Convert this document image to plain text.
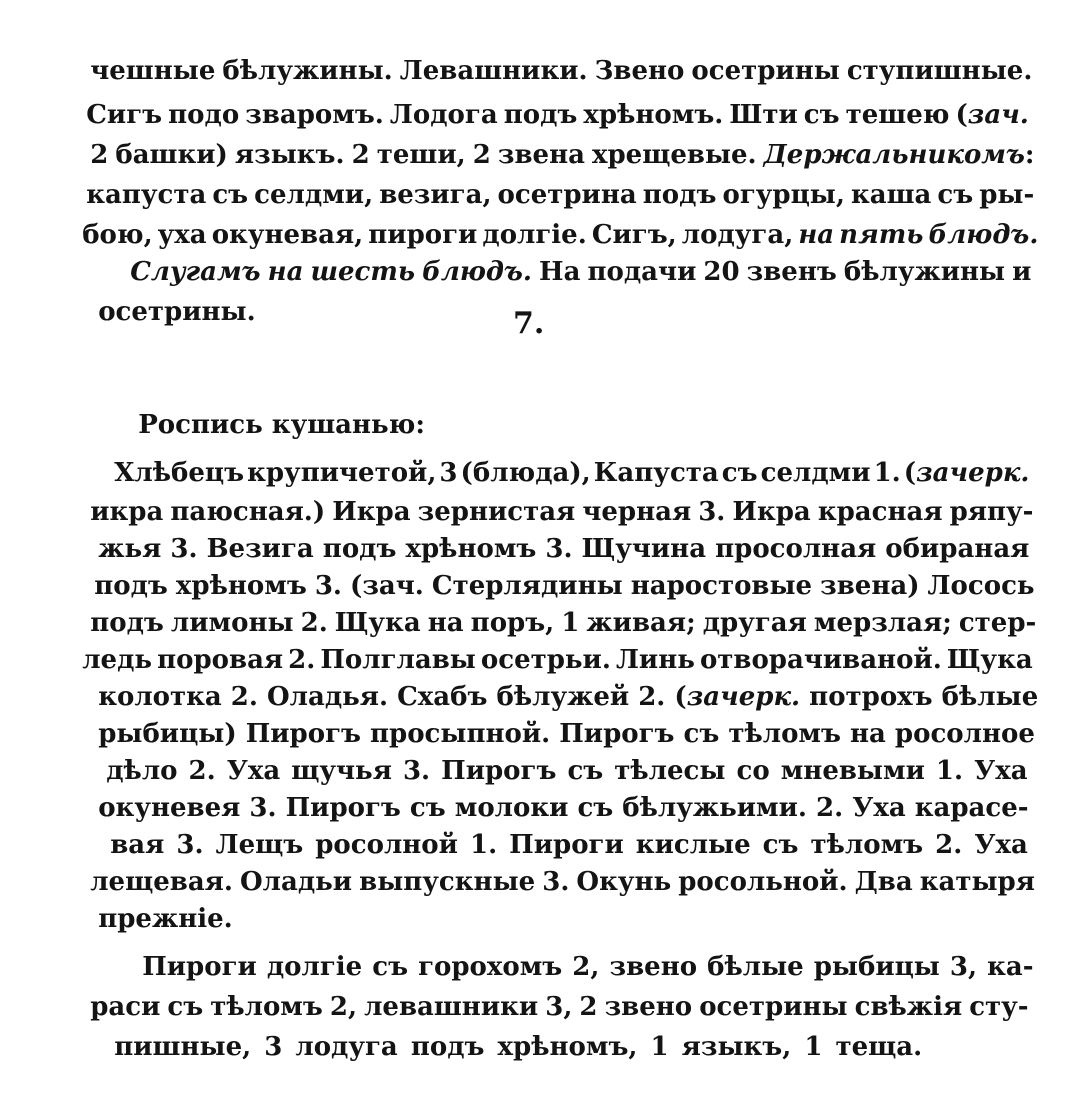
чешные бѣлужины. Левашники. Звено осетрины ступишные.

Сигъ подо зваромъ. Лодога подъ хрѣномъ. Шти съ тешею (зач.

2 башки) языкъ. 2 теши, 2 звена хрещевые. Держальникомъ:

капуста съ селдми, везига, осетрина подъ огурцы, каша съ ры-

бою, уха окуневая, пироги долгіе. Сигъ, лодуга, на пять блюдъ.

Слугамъ на шесть блюдъ. На подачи 20 звенъ бѣлужины и

осетрины.
	7.

Роспись кушанью:

Хлѣбецъ крупичетой, 3 (блюда), Капуста съ селдми 1. (зачерк.

икра паюсная.) Икра зернистая черная 3. Икра красная ряпу-

жья 3. Везига подъ хрѣномъ 3. Щучина просолная обираная

подъ хрѣномъ 3. (зач. Стерлядины наростовые звена) Лосось

подъ лимоны 2. Щука на поръ, 1 живая; другая мерзлая; стер-

ледь поровая 2. Полглавы осетрьи. Линь отворачиваной. Щука

колотка 2. Оладья. Схабъ бѣлужей 2. (зачерк. потрохъ бѣлые

рыбицы) Пирогъ просыпной. Пирогъ съ тѣломъ на росолное

дѣло 2. Уха щучья 3. Пирогъ съ тѣлесы со мневыми 1. Уха

окуневея 3. Пирогъ съ молоки съ бѣлужьими. 2. Уха карасе-

вая 3. Лещъ росолной 1. Пироги кислые съ тѣломъ 2. Уха

лещевая. Оладьи выпускные 3. Окунь росольной. Два катыря

прежніе.

Пироги долгіе съ горохомъ 2, звено бѣлые рыбицы 3, ка-

раси съ тѣломъ 2, левашники 3, 2 звено осетрины свѣжія сту-

пишные, 3 лодуга подъ хрѣномъ, 1 языкъ, 1 теща.
